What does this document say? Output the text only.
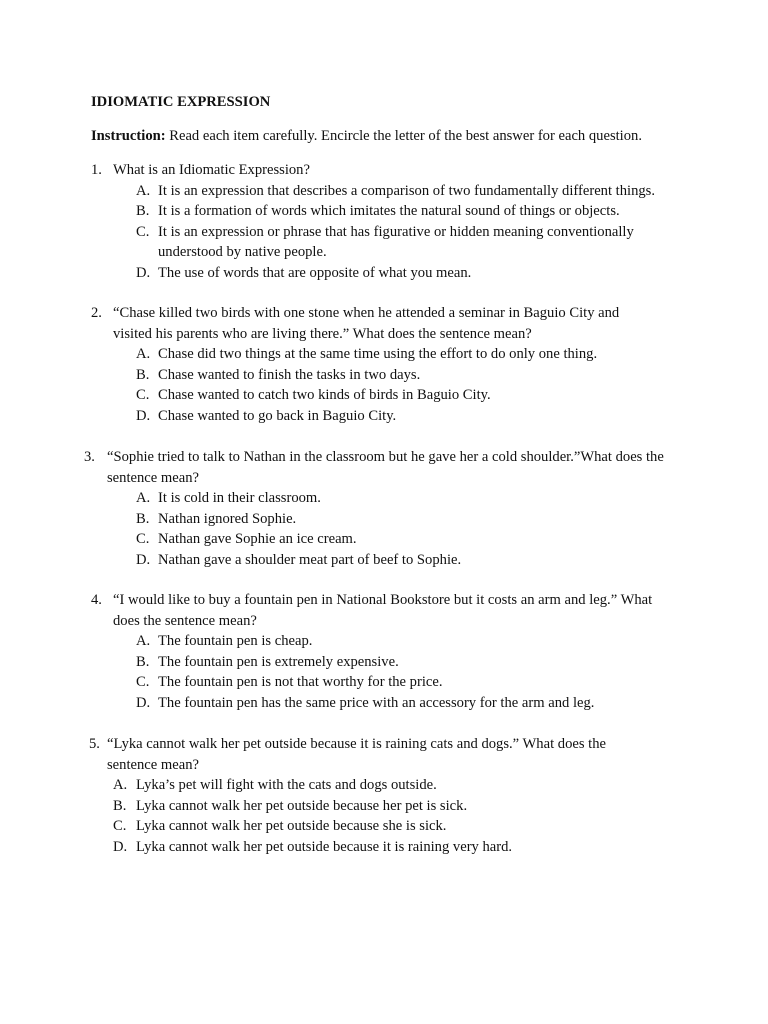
IDIOMATIC EXPRESSION

Instruction: Read each item carefully. Encircle the letter of the best answer for each question.

1. What is an Idiomatic Expression?
A. It is an expression that describes a comparison of two fundamentally different things.
B. It is a formation of words which imitates the natural sound of things or objects.
C. It is an expression or phrase that has figurative or hidden meaning conventionally understood by native people.
D. The use of words that are opposite of what you mean.
2. “Chase killed two birds with one stone when he attended a seminar in Baguio City and visited his parents who are living there.” What does the sentence mean?
A. Chase did two things at the same time using the effort to do only one thing.
B. Chase wanted to finish the tasks in two days.
C. Chase wanted to catch two kinds of birds in Baguio City.
D. Chase wanted to go back in Baguio City.
3. “Sophie tried to talk to Nathan in the classroom but he gave her a cold shoulder.”What does the sentence mean?
A. It is cold in their classroom.
B. Nathan ignored Sophie.
C. Nathan gave Sophie an ice cream.
D. Nathan gave a shoulder meat part of beef to Sophie.
4. “I would like to buy a fountain pen in National Bookstore but it costs an arm and leg.” What does the sentence mean?
A. The fountain pen is cheap.
B. The fountain pen is extremely expensive.
C. The fountain pen is not that worthy for the price.
D. The fountain pen has the same price with an accessory for the arm and leg.
5. “Lyka cannot walk her pet outside because it is raining cats and dogs.” What does the sentence mean?
A. Lyka’s pet will fight with the cats and dogs outside.
B. Lyka cannot walk her pet outside because her pet is sick.
C. Lyka cannot walk her pet outside because she is sick.
D. Lyka cannot walk her pet outside because it is raining very hard.
